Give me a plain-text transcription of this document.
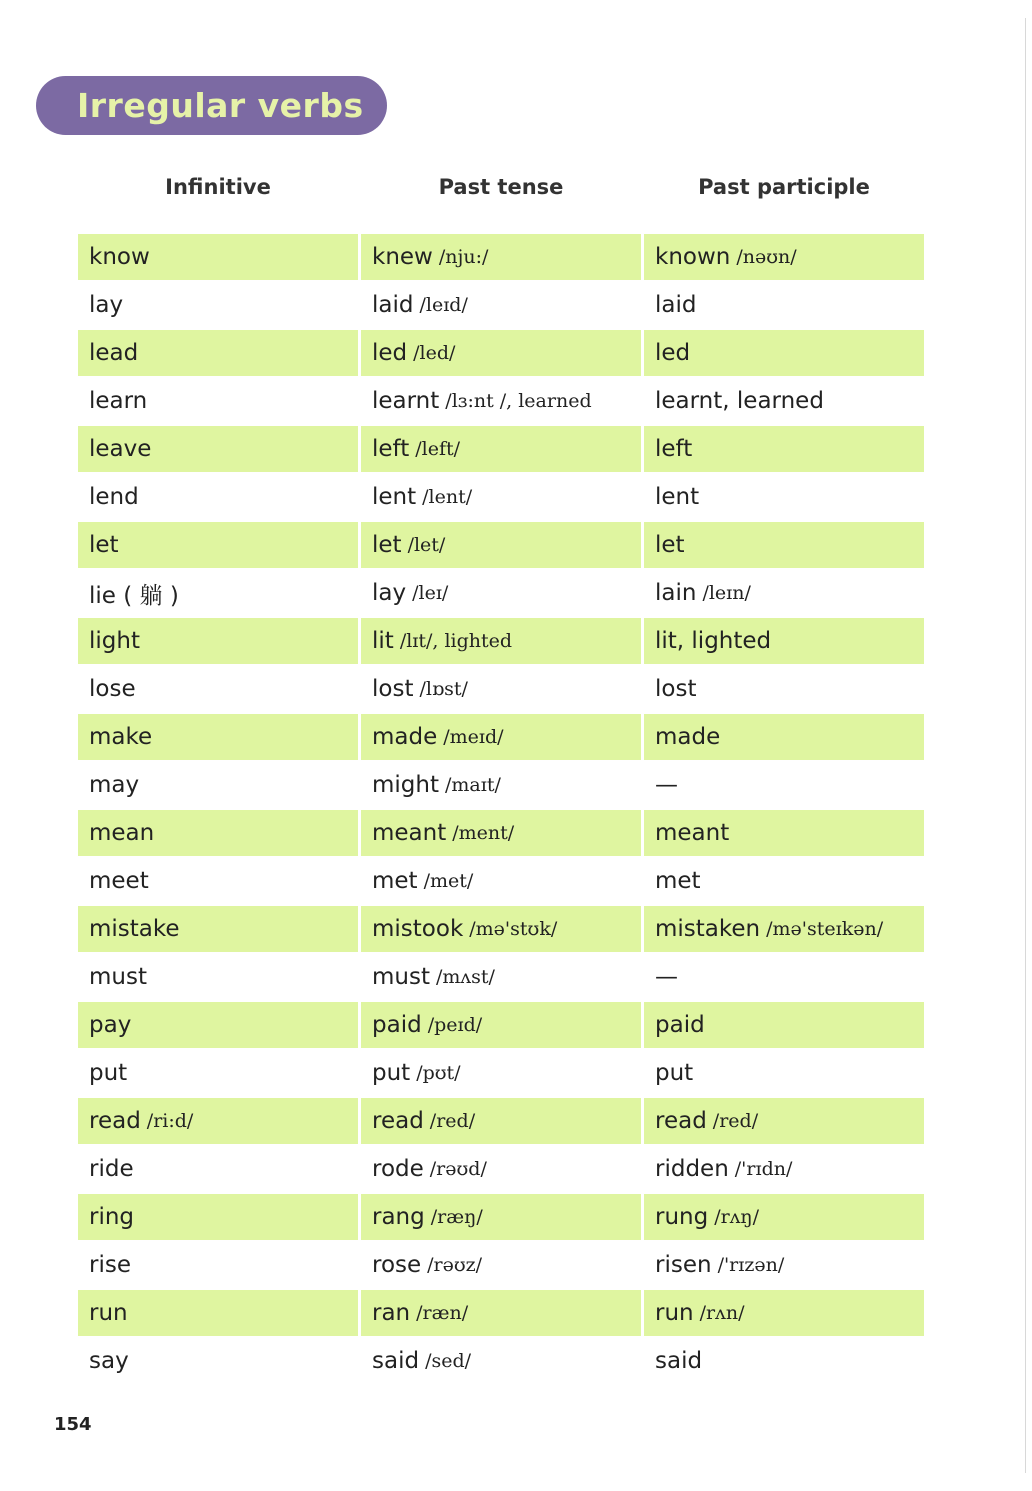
Irregular verbs
Infinitive	Past tense	Past participle
know	knew /nju:/	known /nəʊn/
lay	laid /leɪd/	laid
lead	led /led/	led
learn	learnt /lɜ:nt /, learned	learnt, learned
leave	left /left/	left
lend	lent /lent/	lent
let	let /let/	let
lie ( 躺 )	lay /leɪ/	lain /leɪn/
light	lit /lɪt/, lighted	lit, lighted
lose	lost /lɒst/	lost
make	made /meɪd/	made
may	might /maɪt/	—
mean	meant /ment/	meant
meet	met /met/	met
mistake	mistook /mə'stʊk/	mistaken /mə'steɪkən/
must	must /mʌst/	—
pay	paid /peɪd/	paid
put	put /pʊt/	put
read /ri:d/	read /red/	read /red/
ride	rode /rəʊd/	ridden /'rɪdn/
ring	rang /ræŋ/	rung /rʌŋ/
rise	rose /rəʊz/	risen /'rɪzən/
run	ran /ræn/	run /rʌn/
say	said /sed/	said
154
